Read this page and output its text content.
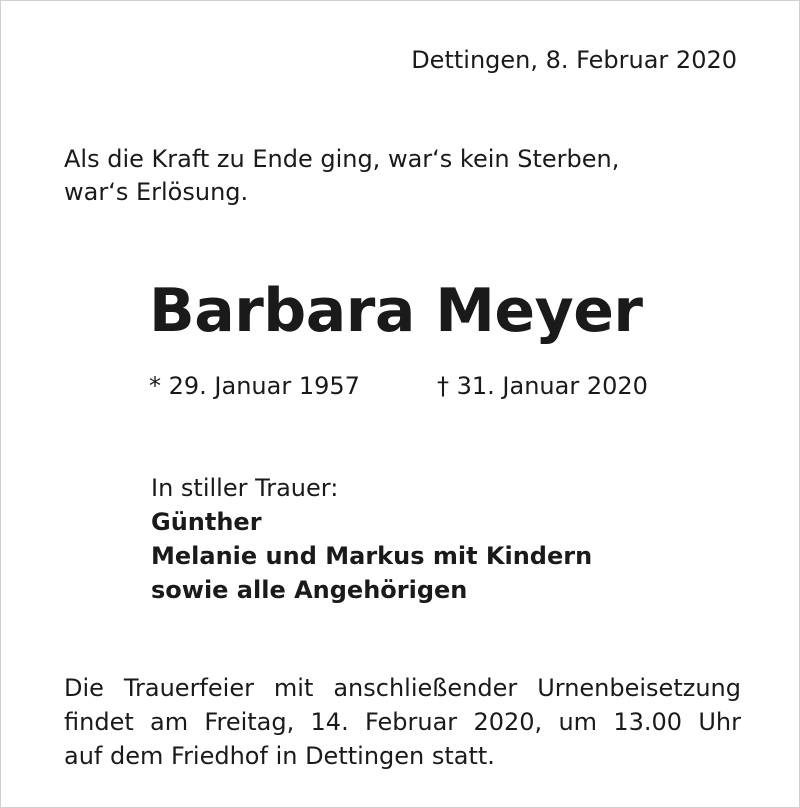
Dettingen, 8. Februar 2020
Als die Kraft zu Ende ging, war‘s kein Sterben,
war‘s Erlösung.
Barbara Meyer
* 29. Januar 1957	† 31. Januar 2020
In stiller Trauer:
Günther
Melanie und Markus mit Kindern
sowie alle Angehörigen
Die Trauerfeier mit anschließender Urnenbeisetzung
findet am Freitag, 14. Februar 2020, um 13.00 Uhr
auf dem Friedhof in Dettingen statt.
